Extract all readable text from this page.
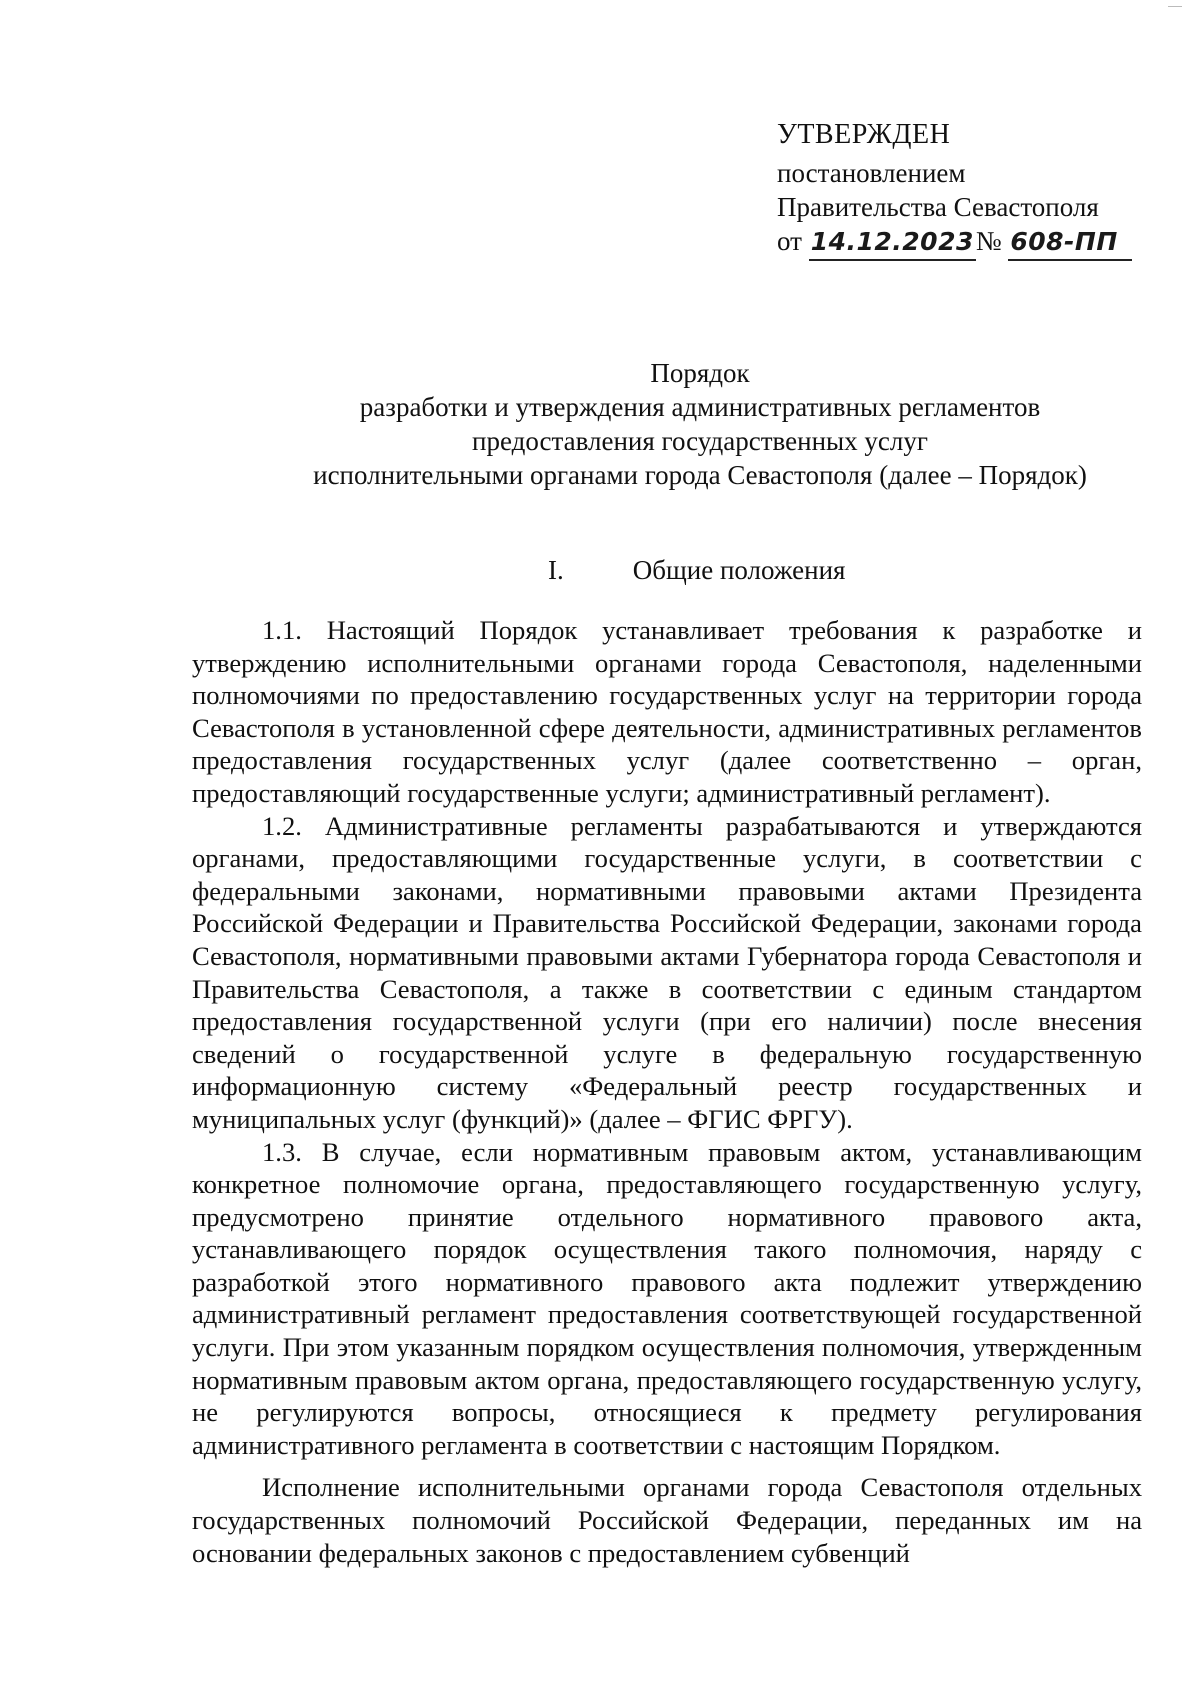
УТВЕРЖДЕН
постановлением
Правительства Севастополя
от 14.12.2023№ 608-ПП
Порядок
разработки и утверждения административных регламентов
предоставления государственных услуг
исполнительными органами города Севастополя (далее – Порядок)
I.	Общие положения

1.1. Настоящий Порядок устанавливает требования к разработке и утверждению исполнительными органами города Севастополя, наделенными полномочиями по предоставлению государственных услуг на территории города Севастополя в установленной сфере деятельности, административных регламентов предоставления государственных услуг (далее соответственно – орган, предоставляющий государственные услуги; административный регламент).

1.2. Административные регламенты разрабатываются и утверждаются органами, предоставляющими государственные услуги, в соответствии с федеральными законами, нормативными правовыми актами Президента Российской Федерации и Правительства Российской Федерации, законами города Севастополя, нормативными правовыми актами Губернатора города Севастополя и Правительства Севастополя, а также в соответствии с единым стандартом предоставления государственной услуги (при его наличии) после внесения сведений о государственной услуге в федеральную государственную информационную систему «Федеральный реестр государственных и муниципальных услуг (функций)» (далее – ФГИС ФРГУ).

1.3. В случае, если нормативным правовым актом, устанавливающим конкретное полномочие органа, предоставляющего государственную услугу, предусмотрено принятие отдельного нормативного правового акта, устанавливающего порядок осуществления такого полномочия, наряду с разработкой этого нормативного правового акта подлежит утверждению административный регламент предоставления соответствующей государственной услуги. При этом указанным порядком осуществления полномочия, утвержденным нормативным правовым актом органа, предоставляющего государственную услугу, не регулируются вопросы, относящиеся к предмету регулирования административного регламента в соответствии с настоящим Порядком.

Исполнение исполнительными органами города Севастополя отдельных государственных полномочий Российской Федерации, переданных им на основании федеральных законов с предоставлением субвенций
